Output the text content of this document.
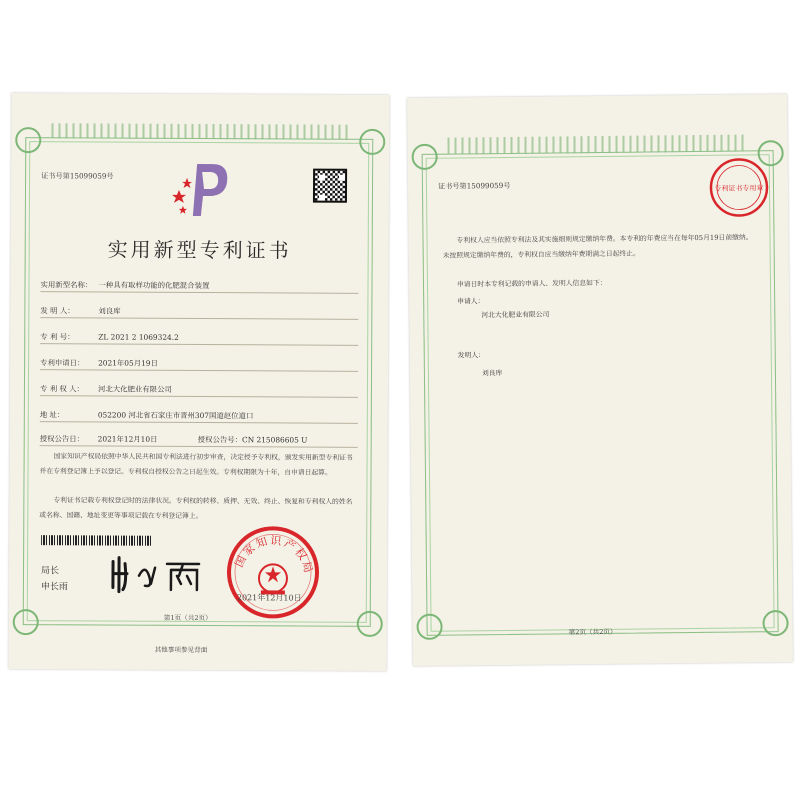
证书号第15099059号
实用新型专利证书
实用新型名称： 一种具有取样功能的化肥混合装置
发 明 人：	刘良库
专 利 号：	ZL 2021 2 1069324.2
专利申请日： 2021年05月19日
专 利 权 人： 河北大化肥业有限公司
地 址：	052200 河北省石家庄市晋州307国道赵位道口
授权公告日： 2021年12月10日	授权公告号：CN 215086605 U
国家知识产权局依照中华人民共和国专利法进行初步审查，决定授予专利权，颁发实用新型专利证书并在专利登记簿上予以登记。专利权自授权公告之日起生效。专利权期限为十年，自申请日起算。
专利证书记载专利权登记时的法律状况。专利权的转移、质押、无效、终止、恢复和专利权人的姓名或名称、国籍、地址变更等事项记载在专利登记簿上。
局长
申长雨
国家知识产权局
2021年12月10日
第1页（共2页）
其他事项参见背面
证书号第15099059号	专利证书专用章
专利权人应当依照专利法及其实施细则规定缴纳年费。本专利的年费应当在每年05月19日前缴纳。未按照规定缴纳年费的，专利权自应当缴纳年费期满之日起终止。
申请日时本专利记载的申请人、发明人信息如下：
申请人：
河北大化肥业有限公司
发明人：
刘良库
第2页（共2页）
